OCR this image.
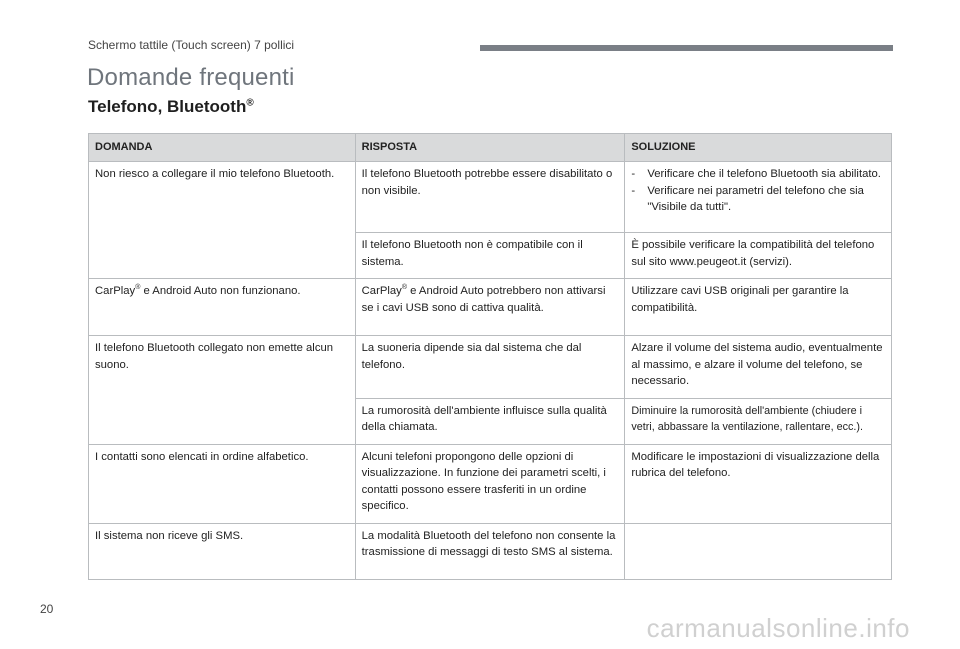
Schermo tattile (Touch screen) 7 pollici
Domande frequenti
Telefono, Bluetooth®
DOMANDA	RISPOSTA	SOLUZIONE
Non riesco a collegare il mio telefono Bluetooth.	Il telefono Bluetooth potrebbe essere disabilitato o non visibile.	- Verificare che il telefono Bluetooth sia abilitato.
- Verificare nei parametri del telefono che sia "Visibile da tutti".

	Il telefono Bluetooth non è compatibile con il sistema.	È possibile verificare la compatibilità del telefono sul sito www.peugeot.it (servizi).
CarPlay® e Android Auto non funzionano.	CarPlay® e Android Auto potrebbero non attivarsi se i cavi USB sono di cattiva qualità.	Utilizzare cavi USB originali per garantire la compatibilità.
Il telefono Bluetooth collegato non emette alcun suono.	La suoneria dipende sia dal sistema che dal telefono.	Alzare il volume del sistema audio, eventualmente al massimo, e alzare il volume del telefono, se necessario.
	La rumorosità dell'ambiente influisce sulla qualità della chiamata.	Diminuire la rumorosità dell'ambiente (chiudere i vetri, abbassare la ventilazione, rallentare, ecc.).
I contatti sono elencati in ordine alfabetico.	Alcuni telefoni propongono delle opzioni di visualizzazione. In funzione dei parametri scelti, i contatti possono essere trasferiti in un ordine specifico.	Modificare le impostazioni di visualizzazione della rubrica del telefono.
Il sistema non riceve gli SMS.	La modalità Bluetooth del telefono non consente la trasmissione di messaggi di testo SMS al sistema.	
20
carmanualsonline.info
